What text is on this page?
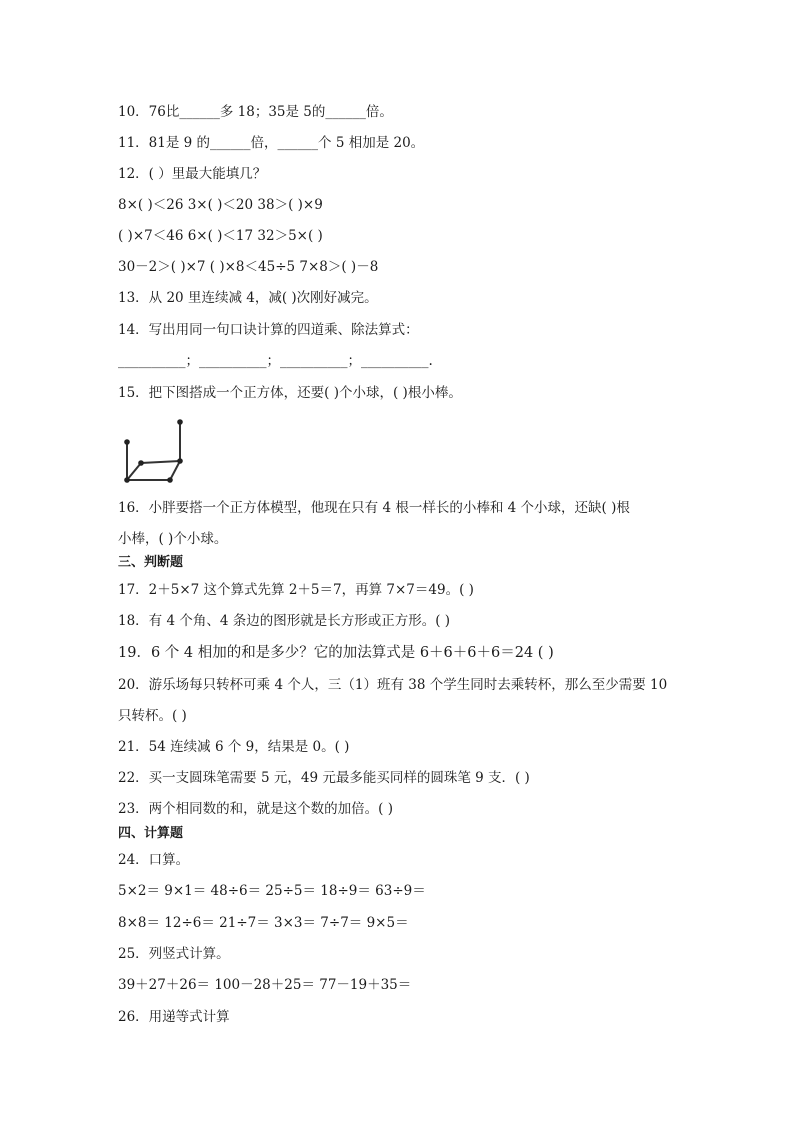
10．76比______多 18；35是 5的______倍。
11．81是 9 的______倍，______个 5 相加是 20。
12．( ）里最大能填几？
8×( )＜26 3×( )＜20 38＞( )×9
( )×7＜46 6×( )＜17 32＞5×( )
30－2＞( )×7 ( )×8＜45÷5 7×8＞( )－8
13．从 20 里连续减 4，减( )次刚好减完。
14．写出用同一句口诀计算的四道乘、除法算式：
__________；__________；__________；__________.
15．把下图搭成一个正方体，还要( )个小球，( )根小棒。
16．小胖要搭一个正方体模型，他现在只有 4 根一样长的小棒和 4 个小球，还缺( )根
小棒，( )个小球。
三、判断题
17．2＋5×7 这个算式先算 2＋5＝7，再算 7×7＝49。( )
18．有 4 个角、4 条边的图形就是长方形或正方形。( )
19．6 个 4 相加的和是多少？它的加法算式是 6＋6＋6＋6＝24 ( )
20．游乐场每只转杯可乘 4 个人，三（1）班有 38 个学生同时去乘转杯，那么至少需要 10
只转杯。( )
21．54 连续减 6 个 9，结果是 0。( )
22．买一支圆珠笔需要 5 元，49 元最多能买同样的圆珠笔 9 支．( )
23．两个相同数的和，就是这个数的加倍。( )
四、计算题
24．口算。
5×2＝ 9×1＝ 48÷6＝ 25÷5＝ 18÷9＝ 63÷9＝
8×8＝ 12÷6＝ 21÷7＝ 3×3＝ 7÷7＝ 9×5＝
25．列竖式计算。
39＋27＋26＝ 100－28＋25＝ 77－19＋35＝
26．用递等式计算
